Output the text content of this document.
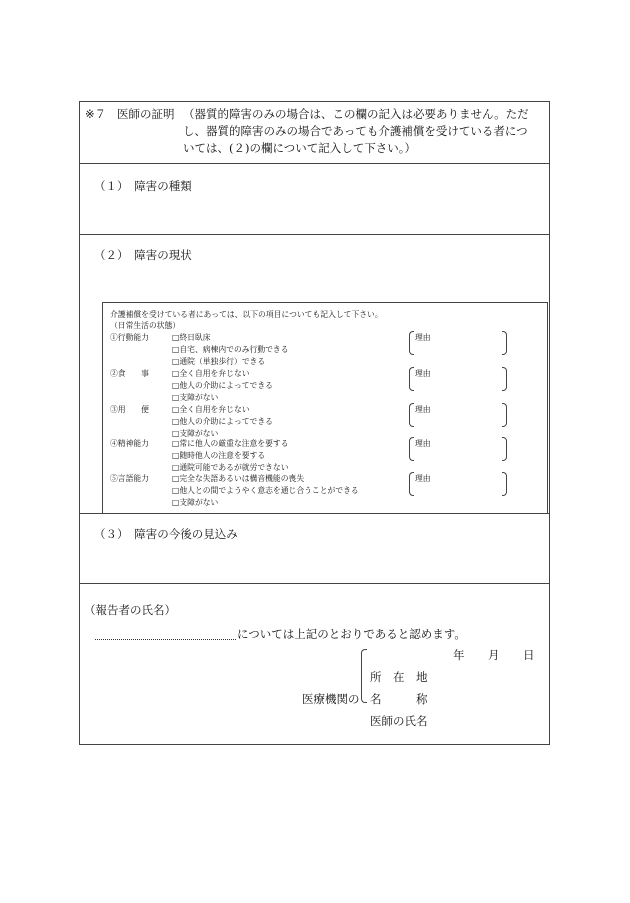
※７ 医師の証明 （器質的障害のみの場合は、この欄の記入は必要ありません。ただ
し、器質的障害のみの場合であっても介護補償を受けている者につ
いては、(２)の欄について記入して下さい。）
（１）　障害の種類
（２）　障害の現状
介護補償を受けている者にあっては、以下の項目についても記入して下さい。
（日常生活の状態）
①行動能力	□終日臥床
□自宅、病棟内でのみ行動できる
□通院（単独歩行）できる
理由
②食　　事	□全く自用を弁じない
□他人の介助によってできる
□支障がない
理由
③用　　便	□全く自用を弁じない
□他人の介助によってできる
□支障がない
理由
④精神能力	□常に他人の厳重な注意を要する
□随時他人の注意を要する
□通院可能であるが就労できない
理由
⑤言語能力	□完全な失語あるいは構音機能の喪失
□他人との間でようやく意志を通じ合うことができる
□支障がない
理由
（３）　障害の今後の見込み
（報告者の氏名）
については上記のとおりであると認めます。
年 月 日
医療機関の
所　在　地
名　　　称
医師の氏名
